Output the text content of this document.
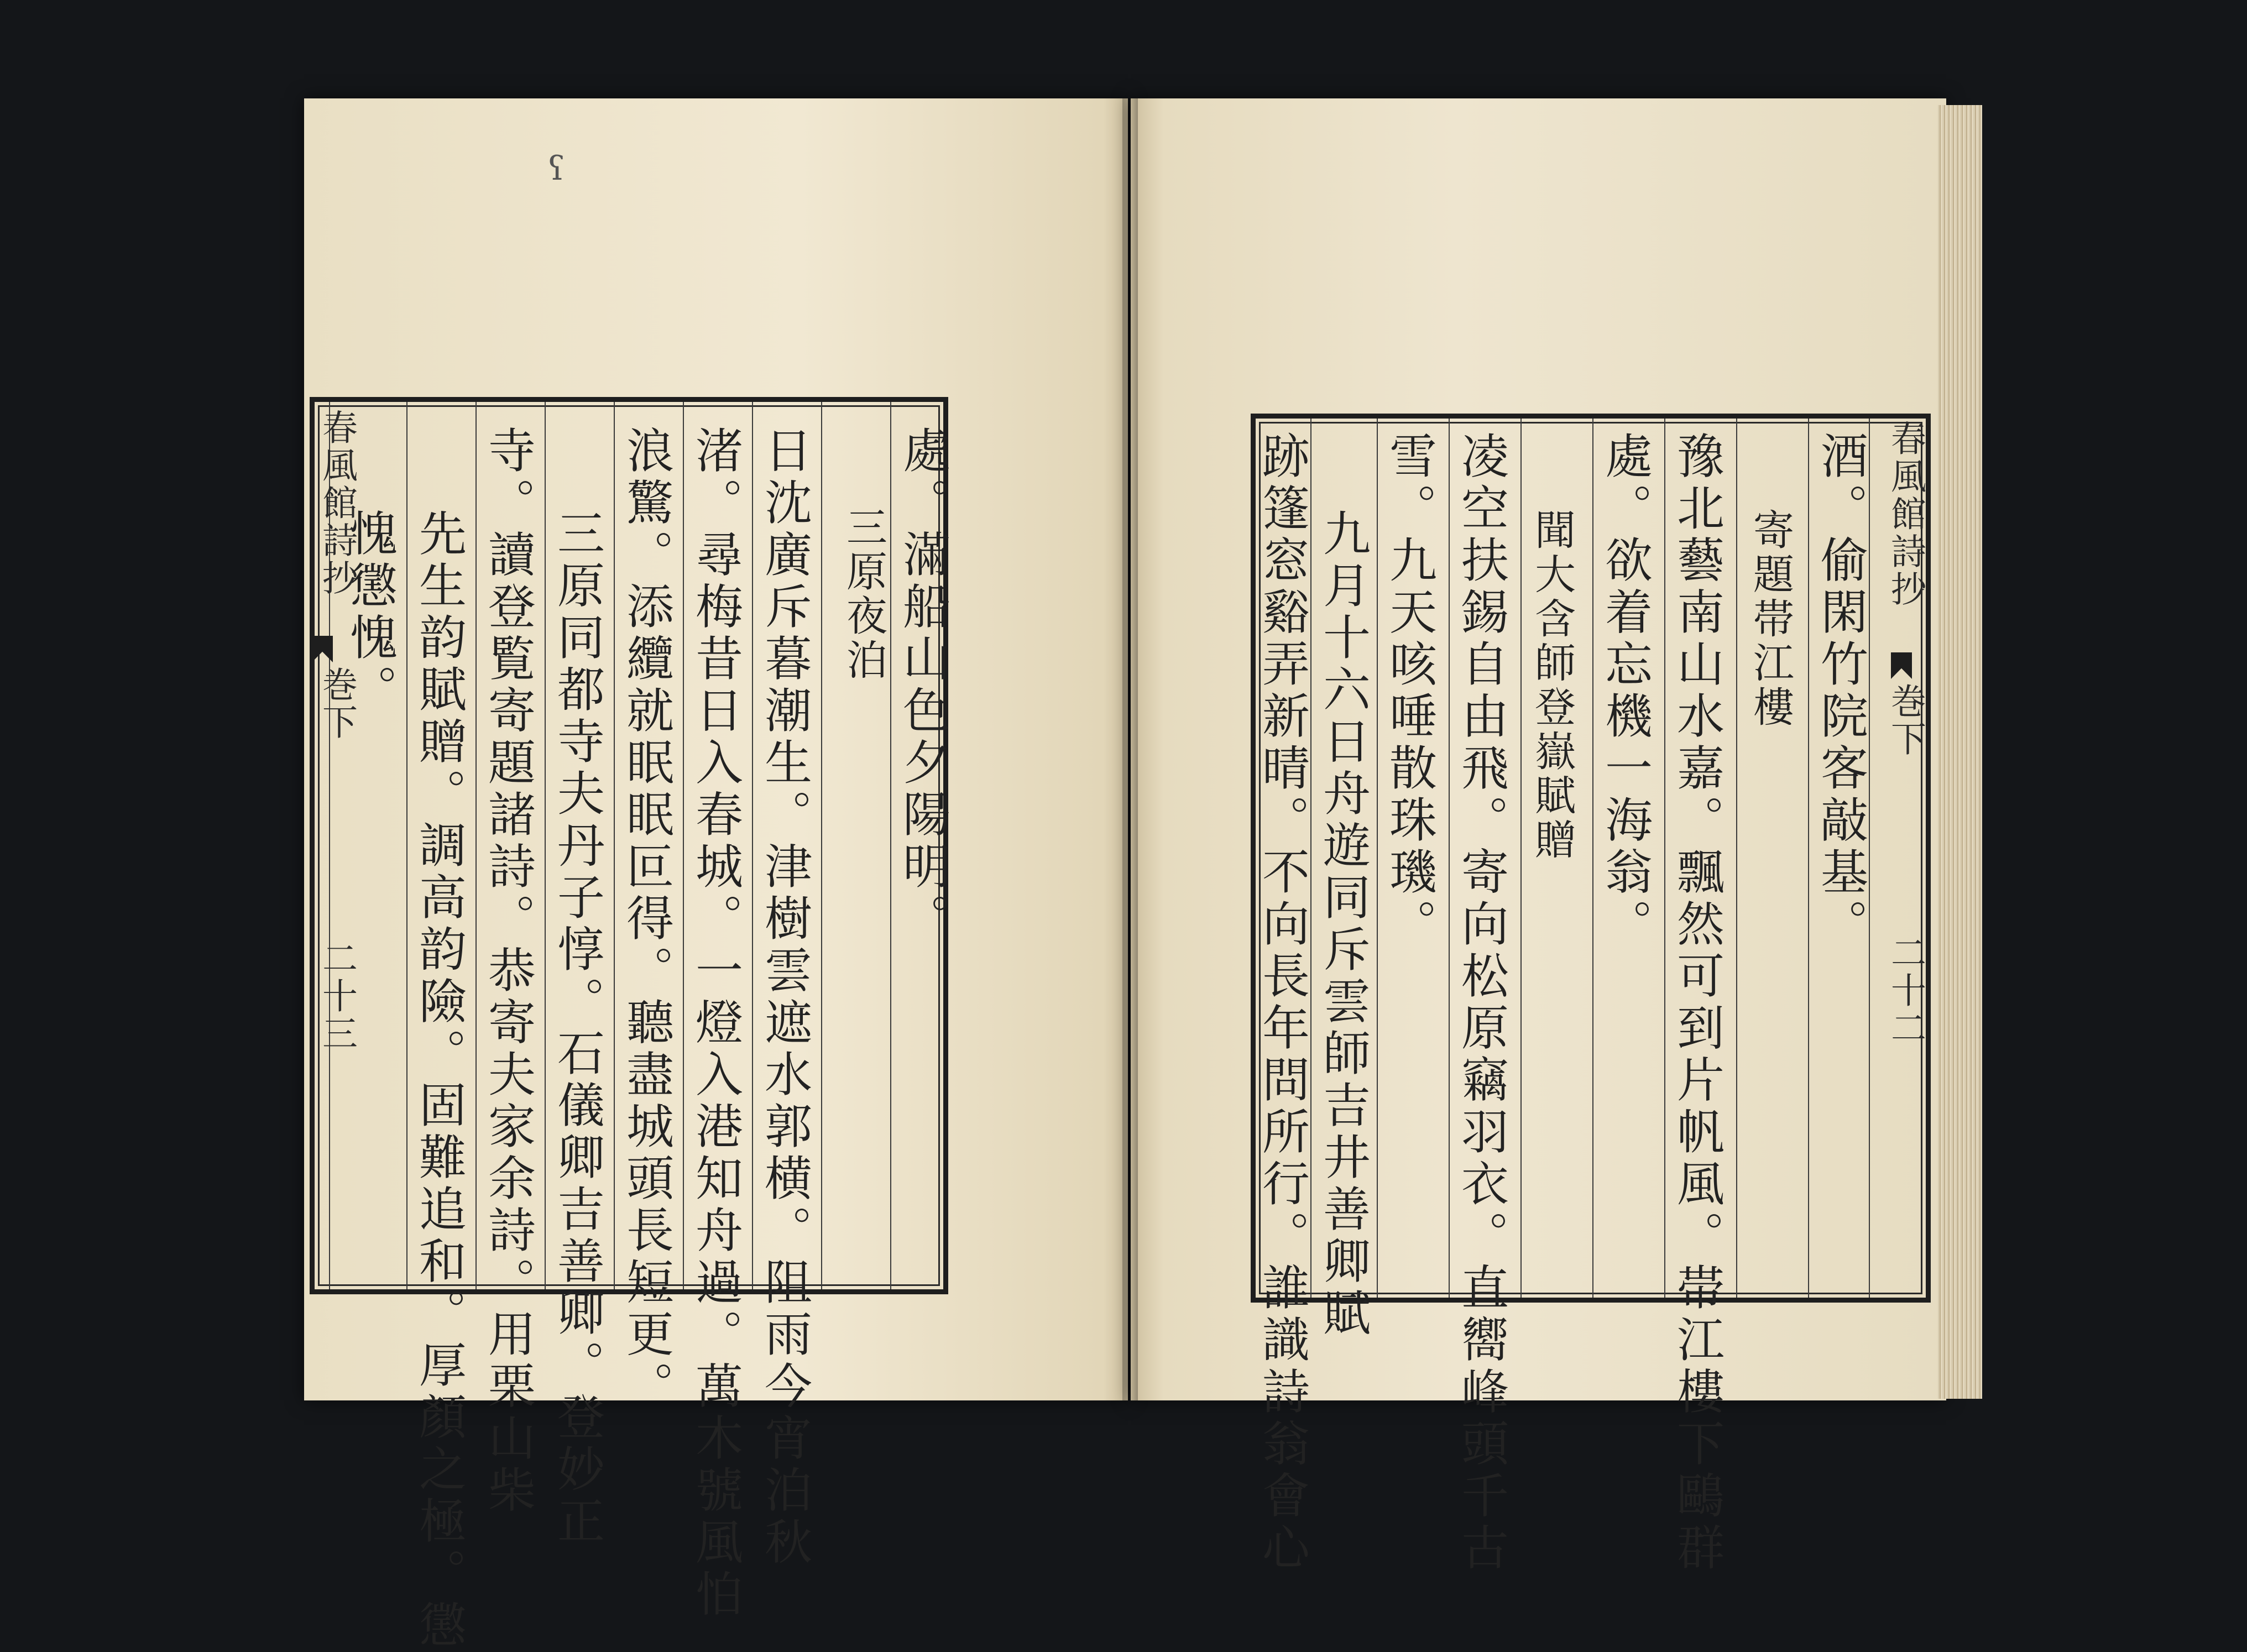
ʕ
春風館詩抄
巻下
二十三
處。滿船山色夕陽明。
三原夜泊
日沈廣斥暮潮生。津樹雲遮水郭横。阻雨今宵泊秋
渚。尋梅昔日入春城。一燈入港知舟過。萬木號風怕
浪驚。添纜就眠眠叵得。聽盡城頭長短更。
三原同都寺夫丹子惇。石儀卿吉善卿。登妙正
寺。讀登覧寄題諸詩。恭寄夫家余詩。用栗山柴
先生韵賦贈。調高韵險。固難追和。厚顏之極。懲
愧懲愧。	春風館詩抄
巻下
二十二
酒。偷閑竹院客敲基。
寄題帯江樓
豫北藝南山水嘉。飄然可到片帆風。帯江樓下鷗群
處。欲着忘機一海翁。
聞大含師登嶽賦贈
凌空扶錫自由飛。寄向松原竊羽衣。直嚮峰頭千古
雪。九天咳唾散珠璣。
九月十六日舟遊同斥雲師吉井善卿賦
跡篷窓谿弄新晴。不向長年問所行。誰識詩翁會心
